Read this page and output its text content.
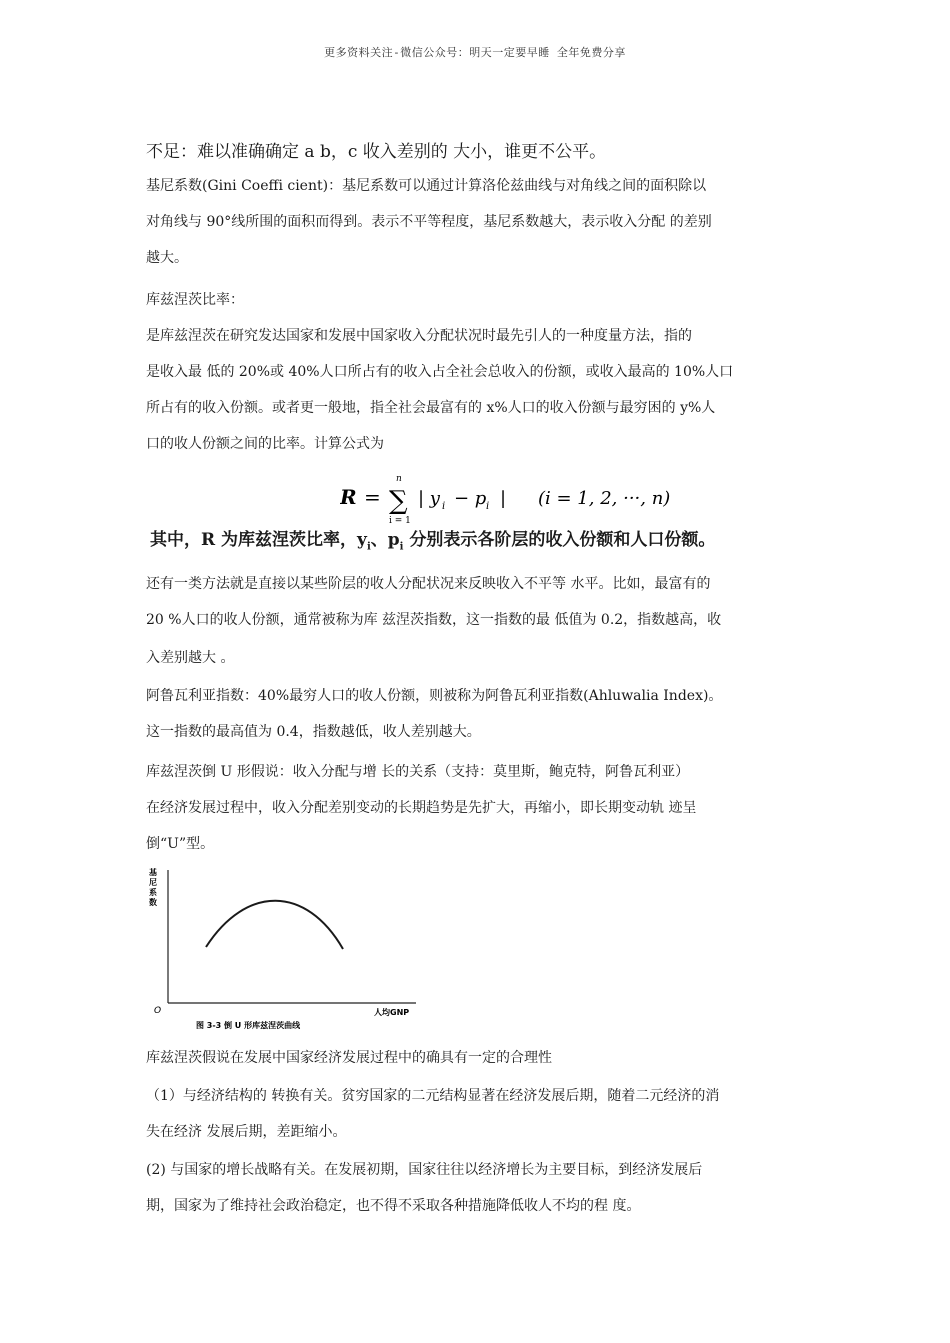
更多资料关注-微信公众号：明天一定要早睡 全年免费分享
不足：难以准确确定 a b，c 收入差别的 大小，谁更不公平。
基尼系数(Gini Coeffi cient)：基尼系数可以通过计算洛伦兹曲线与对角线之间的面积除以
对角线与 90°线所围的面积而得到。表示不平等程度，基尼系数越大，表示收入分配 的差别
越大。
库兹涅茨比率：
是库兹涅茨在研究发达国家和发展中国家收入分配状况时最先引人的一种度量方法，指的
是收入最 低的 20%或 40%人口所占有的收入占全社会总收入的份额，或收入最高的 10%人口
所占有的收入份额。或者更一般地，指全社会最富有的 x%人口的收入份额与最穷困的 y%人
口的收人份额之间的比率。计算公式为
R =
n
∑
i = 1
| y i − p i | (i = 1, 2, ···, n)
其中，R 为库兹涅茨比率，$y_i$、$p_i$ 分别表示各阶层的收入份额和人口份额。
还有一类方法就是直接以某些阶层的收人分配状况来反映收入不平等 水平。比如，最富有的
20 %人口的收人份额，通常被称为库 兹涅茨指数，这一指数的最 低值为 0.2，指数越高，收
入差别越大 。
阿鲁瓦利亚指数：40%最穷人口的收人份额，则被称为阿鲁瓦利亚指数(Ahluwalia Index)。
这一指数的最高值为 0.4，指数越低，收人差别越大。
库兹涅茨倒 U 形假说：收入分配与增 长的关系（支持：莫里斯，鲍克特，阿鲁瓦利亚）
在经济发展过程中，收入分配差别变动的长期趋势是先扩大，再缩小，即长期变动轨 迹呈
倒“U”型。
基
尼
系
数
O	人均GNP
图 3-3 倒 U 形库兹涅茨曲线
库兹涅茨假说在发展中国家经济发展过程中的确具有一定的合理性
（1）与经济结构的 转换有关。贫穷国家的二元结构显著在经济发展后期，随着二元经济的消
失在经济 发展后期，差距缩小。
(2) 与国家的增长战略有关。在发展初期，国家往往以经济增长为主要目标，到经济发展后
期，国家为了维持社会政治稳定，也不得不采取各种措施降低收人不均的程 度。
